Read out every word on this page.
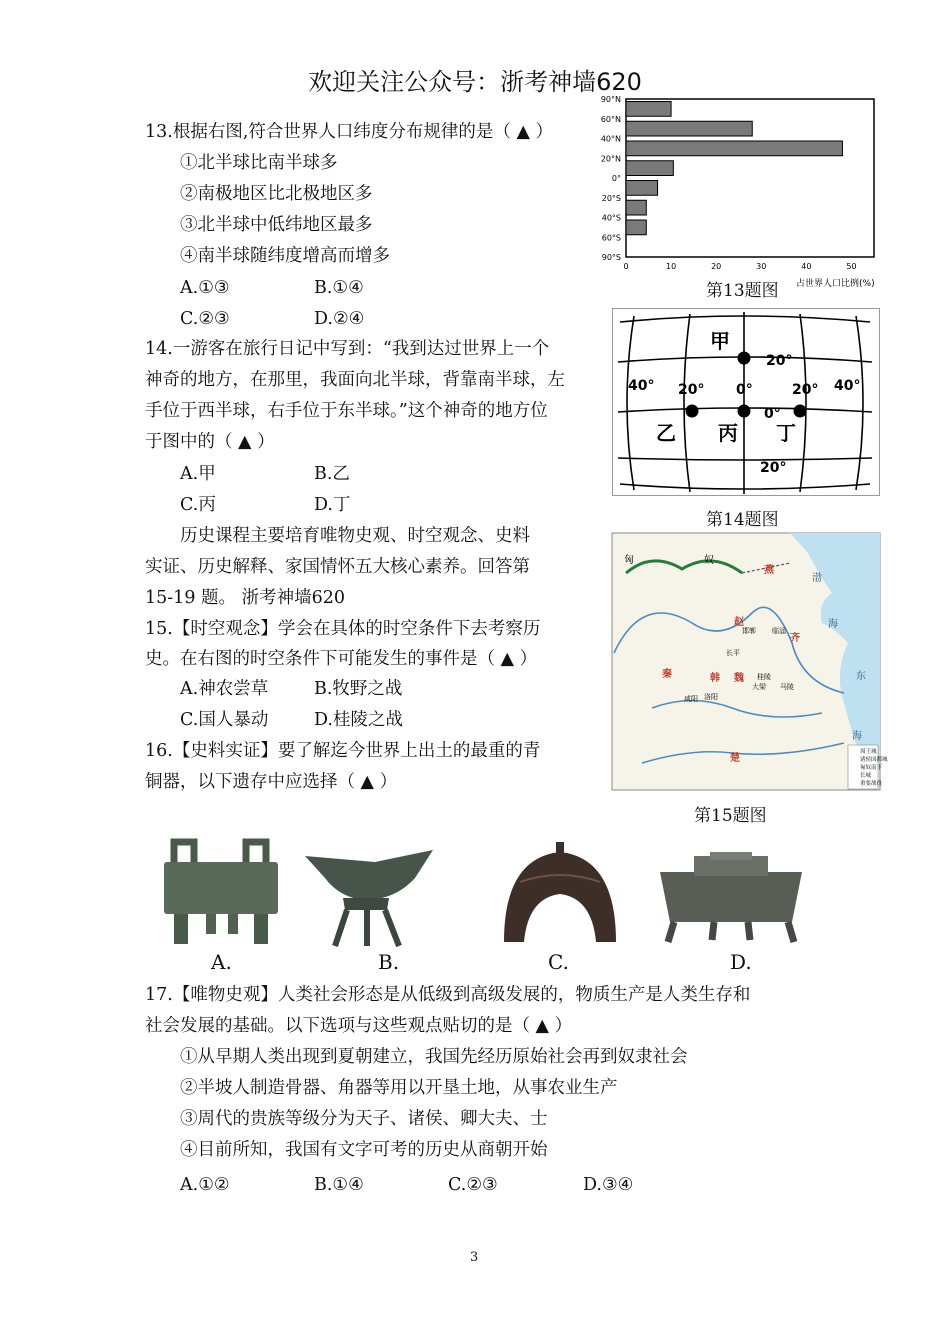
欢迎关注公众号：浙考神墙620
13.根据右图,符合世界人口纬度分布规律的是（ ▲ ）
①北半球比南半球多
②南极地区比北极地区多
③北半球中低纬地区最多
④南半球随纬度增高而增多
A.①③	B.①④
C.②③	D.②④
90°N
60°N
40°N
20°N
0°
20°S
40°S
60°S
90°S
0	10	20	30	40	50
占世界人口比例(%)
第13题图
14.一游客在旅行日记中写到：“我到达过世界上一个
神奇的地方，在那里，我面向北半球，背靠南半球，左
手位于西半球，右手位于东半球。”这个神奇的地方位
于图中的（ ▲ ）
A.甲	B.乙
C.丙	D.丁
甲
乙 丙 丁
40° 20° 0°	20° 40°
20°
0°
20°
第14题图
历史课程主要培育唯物史观、时空观念、史料
实证、历史解释、家国情怀五大核心素养。回答第
15-19 题。 浙考神墙620
15.【时空观念】学会在具体的时空条件下去考察历
史。在右图的时空条件下可能发生的事件是（ ▲ ）
A.神农尝草	B.牧野之战
C.国人暴动	D.桂陵之战
匈	奴
燕
赵
齐
秦	魏
韩
楚
邯郸 临淄
咸阳 洛阳
大梁
桂陵
马陵
长平
渤
海
东
海
周王城
诸侯国都城
匈奴南下
长城
重要战役
第15题图
16.【史料实证】要了解迄今世界上出土的最重的青
铜器，以下遗存中应选择（ ▲ ）
A.	B.	C.	D.
17.【唯物史观】人类社会形态是从低级到高级发展的，物质生产是人类生存和
社会发展的基础。以下选项与这些观点贴切的是（ ▲ ）
①从早期人类出现到夏朝建立，我国先经历原始社会再到奴隶社会
②半坡人制造骨器、角器等用以开垦土地，从事农业生产
③周代的贵族等级分为天子、诸侯、卿大夫、士
④目前所知，我国有文字可考的历史从商朝开始
A.①②	B.①④	C.②③	D.③④
3
